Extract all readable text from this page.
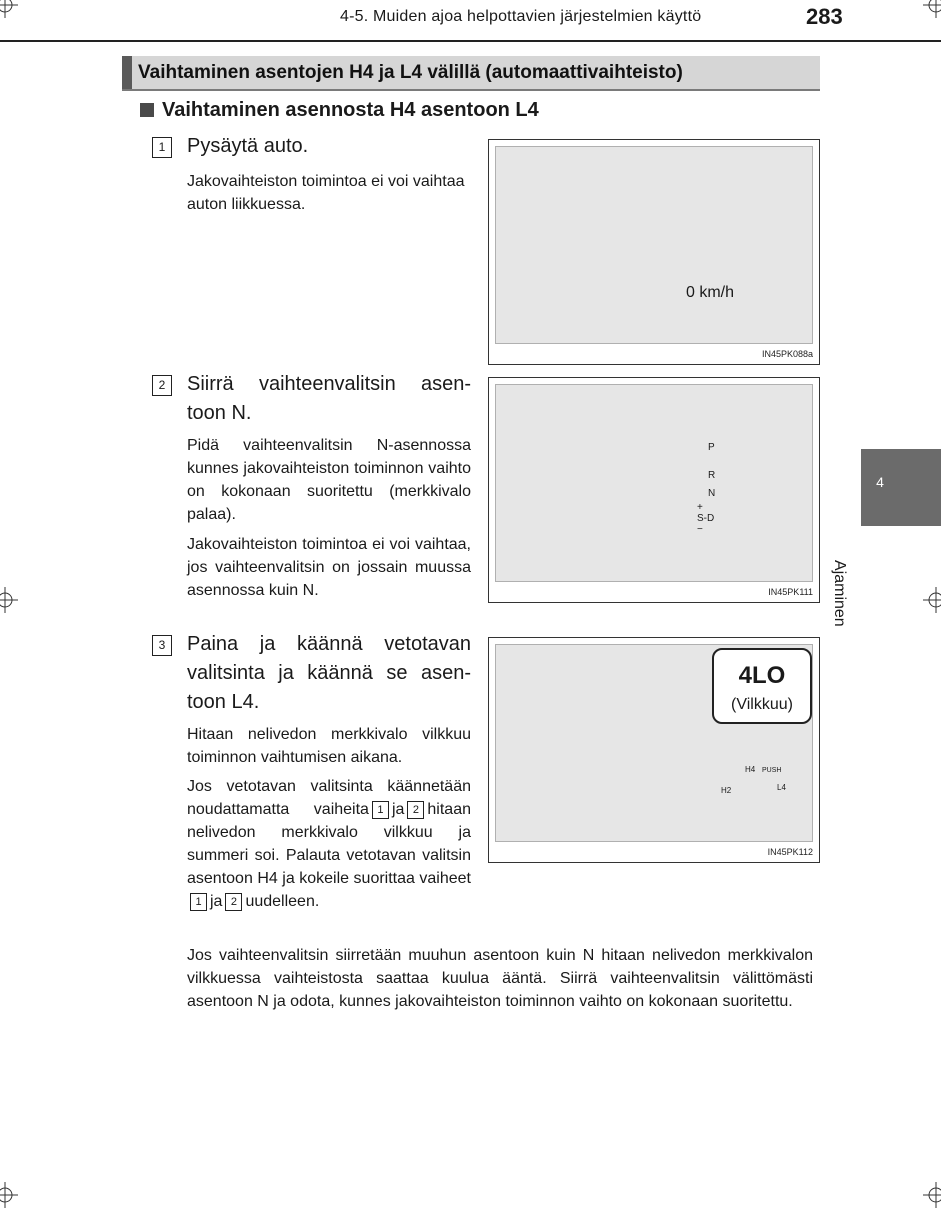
4-5. Muiden ajoa helpottavien järjestelmien käyttö	283
Vaihtaminen asentojen H4 ja L4 välillä (automaattivaihteisto)
Vaihtaminen asennosta H4 asentoon L4
4
Ajaminen
1	Pysäytä auto.
Jakovaihteiston toimintoa ei voi vaihtaa auton liikkuessa.
IN45PK088a
0 km/h
2	Siirrä vaihteenvalitsin asen-
toon N.
Pidä vaihteenvalitsin N-asennossa kunnes jakovaihteiston toiminnon vaihto on kokonaan suoritettu (merkkivalo palaa).
Jakovaihteiston toimintoa ei voi vaihtaa, jos vaihteenvalitsin on jossain muussa asennossa kuin N.	IN45PK111
P
R
N
+
S-D
−
3	Paina ja käännä vetotavan
valitsinta ja käännä se asen-
toon L4.
Hitaan nelivedon merkkivalo vilkkuu toiminnon vaihtumisen aikana.
Jos vetotavan valitsinta käännetään noudattamatta vaiheita 1 ja 2 hitaan nelivedon merkkivalo vilkkuu ja summeri soi. Palauta vetotavan valitsin asentoon H4 ja kokeile suorittaa vaiheet1 ja 2 uudelleen.
IN45PK112
4LO
(Vilkkuu)
H2
H4 PUSH
L4
Jos vaihteenvalitsin siirretään muuhun asentoon kuin N hitaan nelivedon merkkivalon vilkkuessa vaihteistosta saattaa kuulua ääntä. Siirrä vaihteenvalitsin välittömästi asentoon N ja odota, kunnes jakovaihteiston toiminnon vaihto on kokonaan suoritettu.
